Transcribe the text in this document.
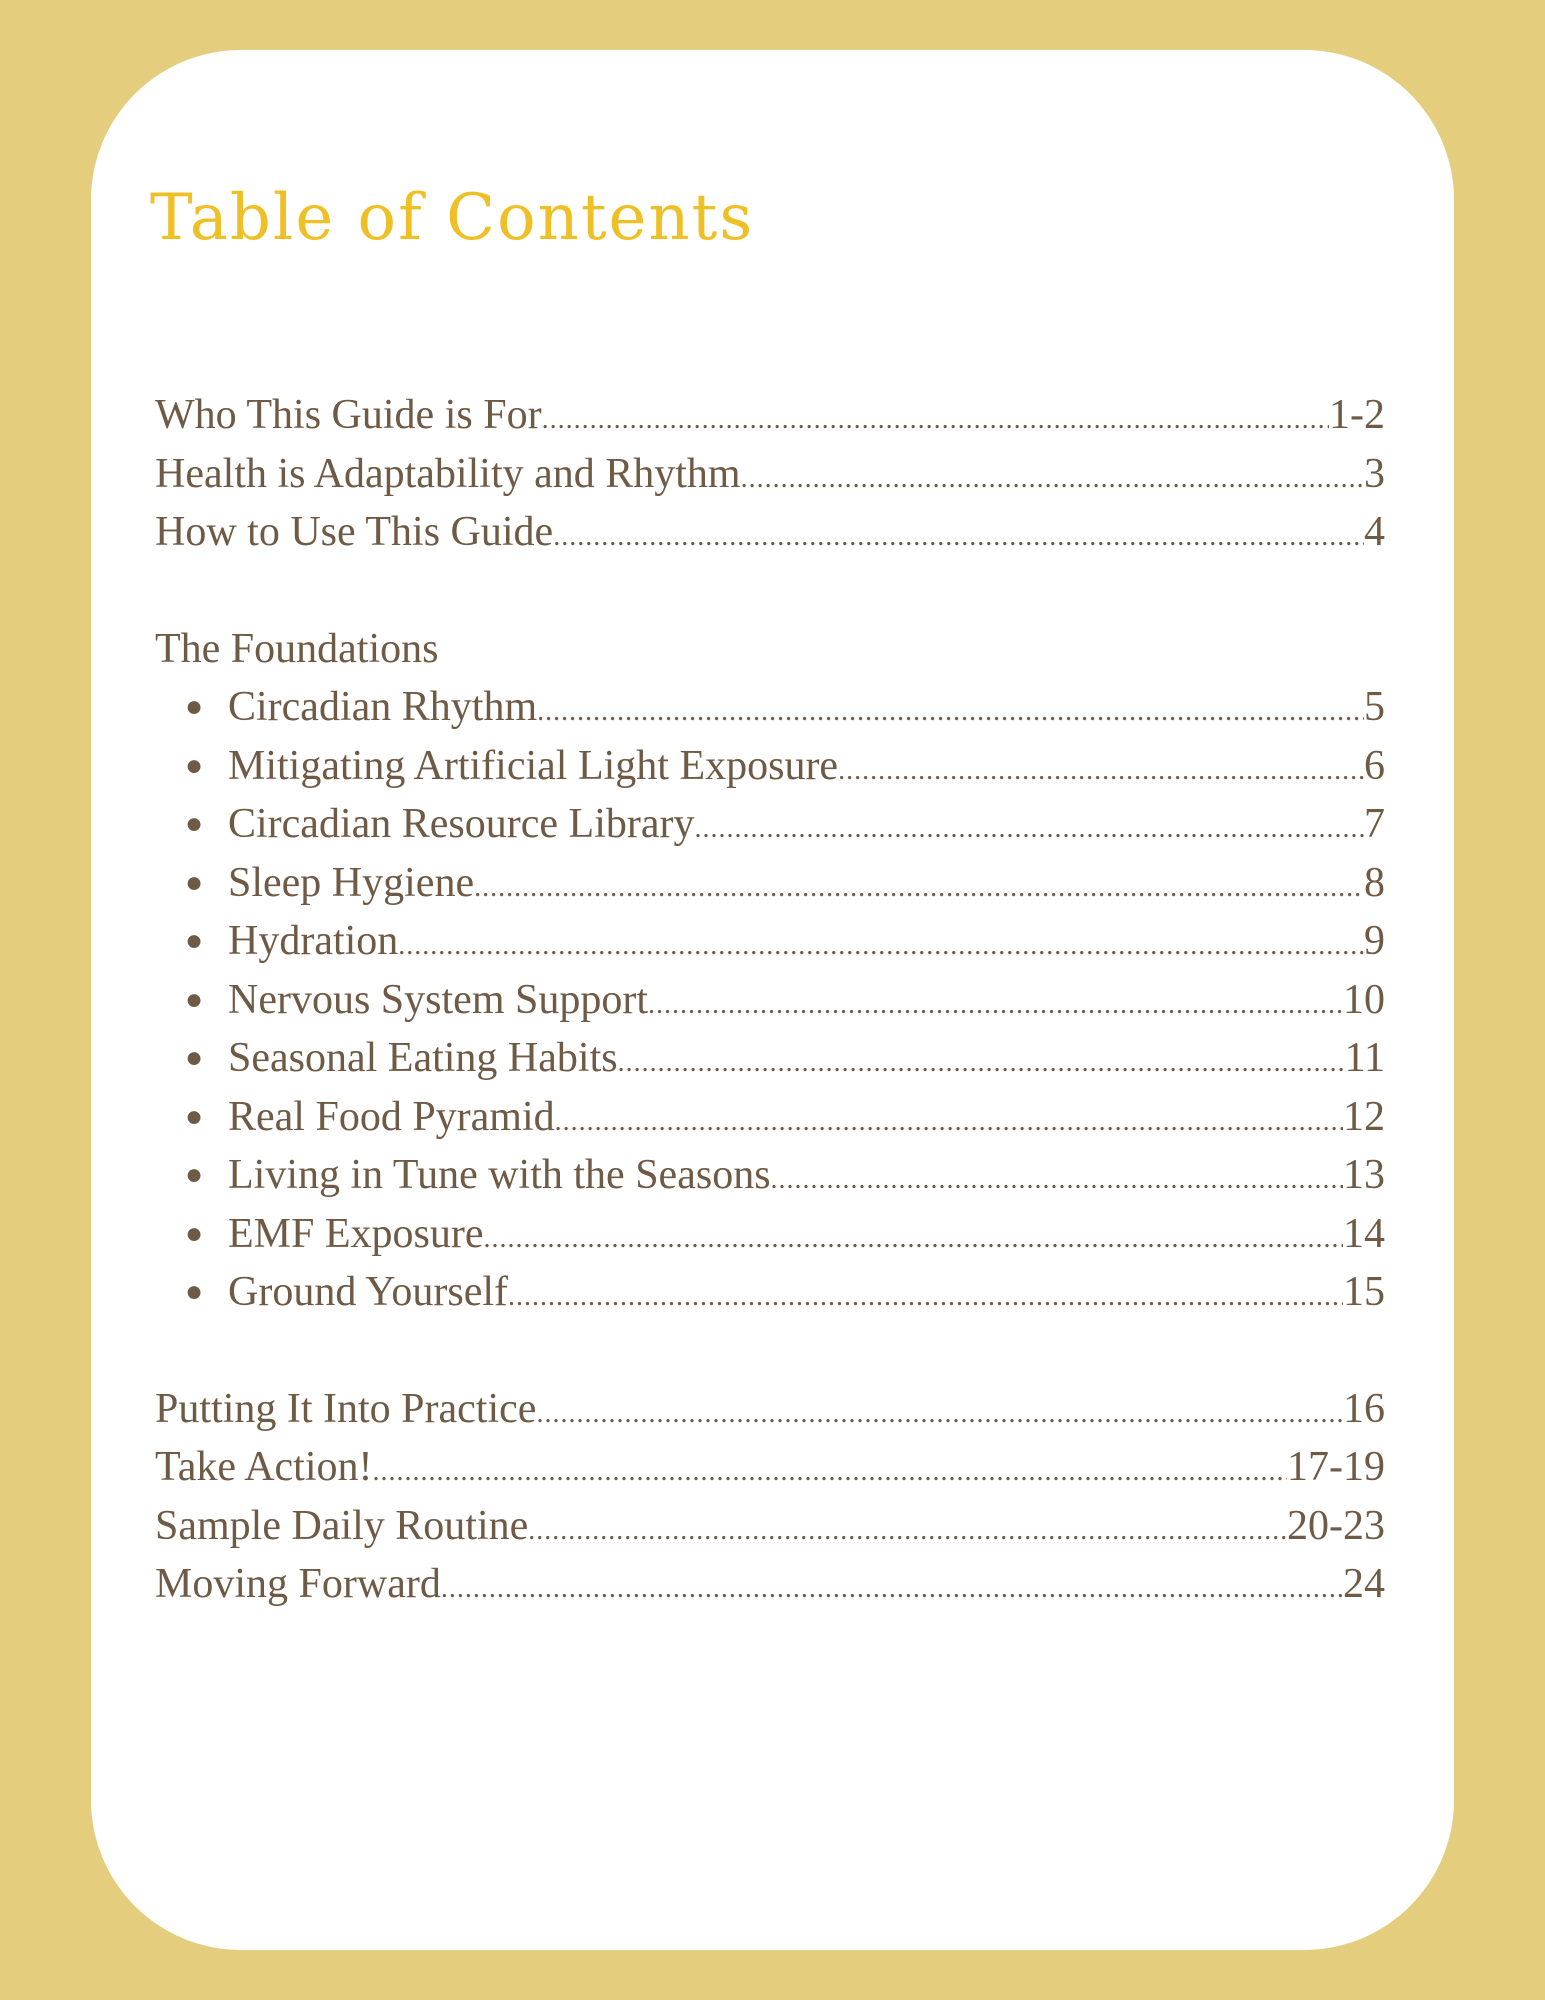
Table of Contents
Who This Guide is For .....	1-2
Health is Adaptability and Rhythm .....	3
How to Use This Guide .....	4
The Foundations
● Circadian Rhythm .....	5
● Mitigating Artificial Light Exposure .....	6
● Circadian Resource Library .....	7
● Sleep Hygiene .....	8
● Hydration .....	9
● Nervous System Support .....	10
● Seasonal Eating Habits .....	11
● Real Food Pyramid .....	12
● Living in Tune with the Seasons .....	13
● EMF Exposure .....	14
● Ground Yourself .....	15
Putting It Into Practice .....	16
Take Action! .....	17-19
Sample Daily Routine .....	20-23
Moving Forward .....	24
